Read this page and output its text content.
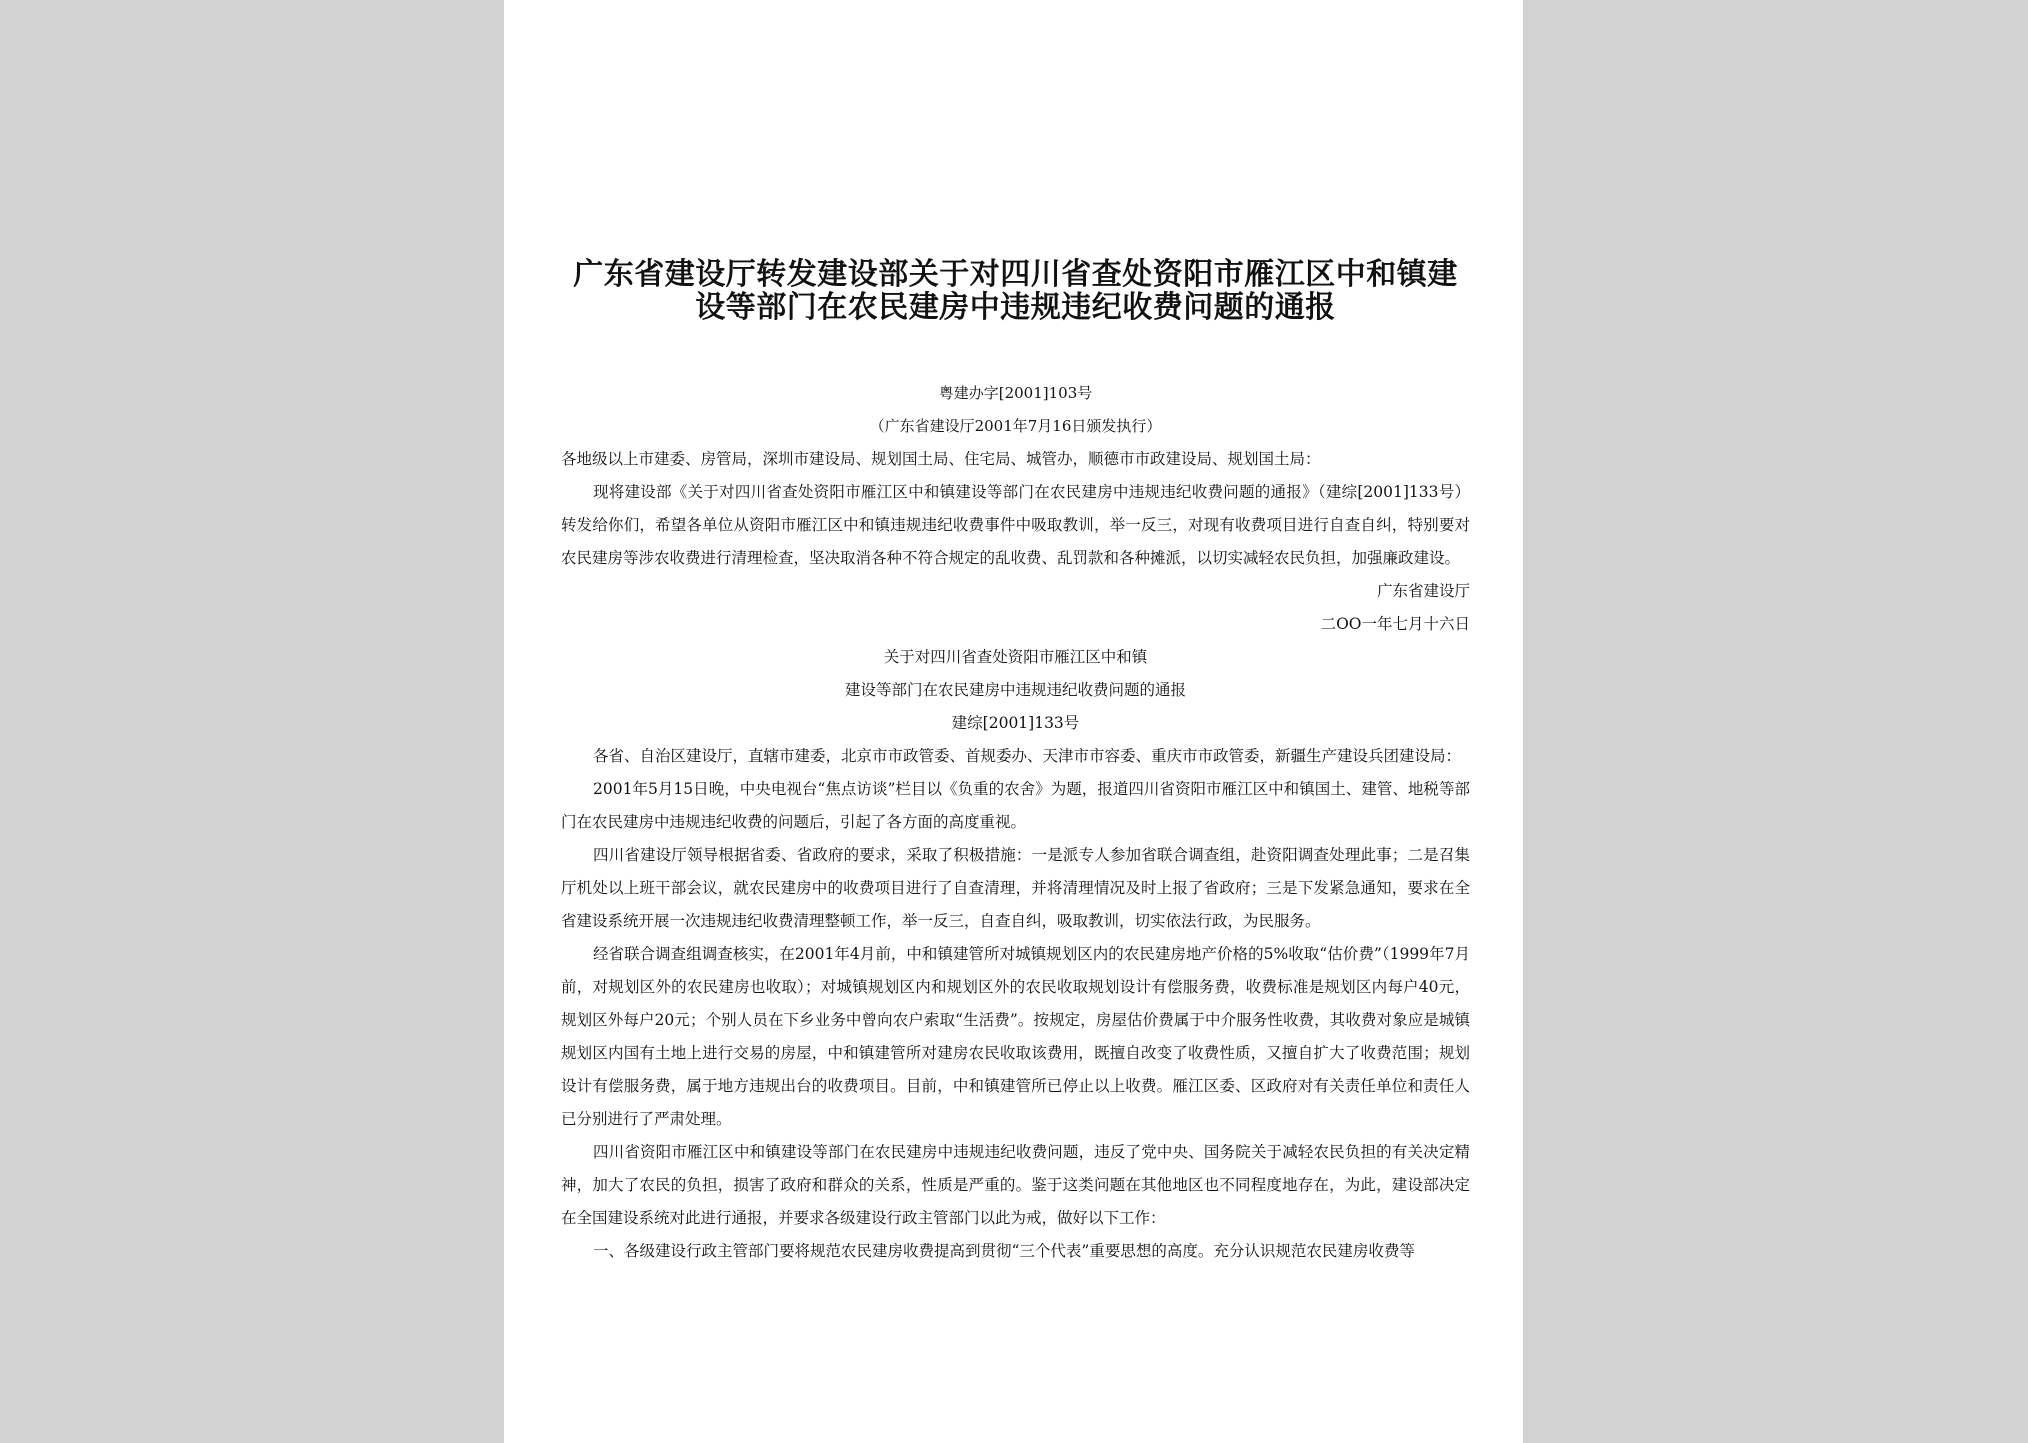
广东省建设厅转发建设部关于对四川省查处资阳市雁江区中和镇建设等部门在农民建房中违规违纪收费问题的通报
粤建办字[2001]103号
（广东省建设厅2001年7月16日颁发执行）

各地级以上市建委、房管局，深圳市建设局、规划国土局、住宅局、城管办，顺德市市政建设局、规划国土局：

现将建设部《关于对四川省查处资阳市雁江区中和镇建设等部门在农民建房中违规违纪收费问题的通报》（建综[2001]133号）转发给你们，希望各单位从资阳市雁江区中和镇违规违纪收费事件中吸取教训，举一反三，对现有收费项目进行自查自纠，特别要对农民建房等涉农收费进行清理检查，坚决取消各种不符合规定的乱收费、乱罚款和各种摊派，以切实减轻农民负担，加强廉政建设。

广东省建设厅

二OO一年七月十六日

关于对四川省查处资阳市雁江区中和镇

建设等部门在农民建房中违规违纪收费问题的通报

建综[2001]133号

各省、自治区建设厅，直辖市建委，北京市市政管委、首规委办、天津市市容委、重庆市市政管委，新疆生产建设兵团建设局：

2001年5月15日晚，中央电视台“焦点访谈”栏目以《负重的农舍》为题，报道四川省资阳市雁江区中和镇国土、建管、地税等部门在农民建房中违规违纪收费的问题后，引起了各方面的高度重视。

四川省建设厅领导根据省委、省政府的要求，采取了积极措施：一是派专人参加省联合调查组，赴资阳调查处理此事；二是召集厅机处以上班干部会议，就农民建房中的收费项目进行了自查清理，并将清理情况及时上报了省政府；三是下发紧急通知，要求在全省建设系统开展一次违规违纪收费清理整顿工作，举一反三，自查自纠，吸取教训，切实依法行政，为民服务。

经省联合调查组调查核实，在2001年4月前，中和镇建管所对城镇规划区内的农民建房地产价格的5%收取“估价费”（1999年7月前，对规划区外的农民建房也收取）；对城镇规划区内和规划区外的农民收取规划设计有偿服务费，收费标准是规划区内每户40元，规划区外每户20元；个别人员在下乡业务中曾向农户索取“生活费”。按规定，房屋估价费属于中介服务性收费，其收费对象应是城镇规划区内国有土地上进行交易的房屋，中和镇建管所对建房农民收取该费用，既擅自改变了收费性质，又擅自扩大了收费范围；规划设计有偿服务费，属于地方违规出台的收费项目。目前，中和镇建管所已停止以上收费。雁江区委、区政府对有关责任单位和责任人已分别进行了严肃处理。

四川省资阳市雁江区中和镇建设等部门在农民建房中违规违纪收费问题，违反了党中央、国务院关于减轻农民负担的有关决定精神，加大了农民的负担，损害了政府和群众的关系，性质是严重的。鉴于这类问题在其他地区也不同程度地存在，为此，建设部决定在全国建设系统对此进行通报，并要求各级建设行政主管部门以此为戒，做好以下工作：

一、各级建设行政主管部门要将规范农民建房收费提高到贯彻“三个代表”重要思想的高度。充分认识规范农民建房收费等
